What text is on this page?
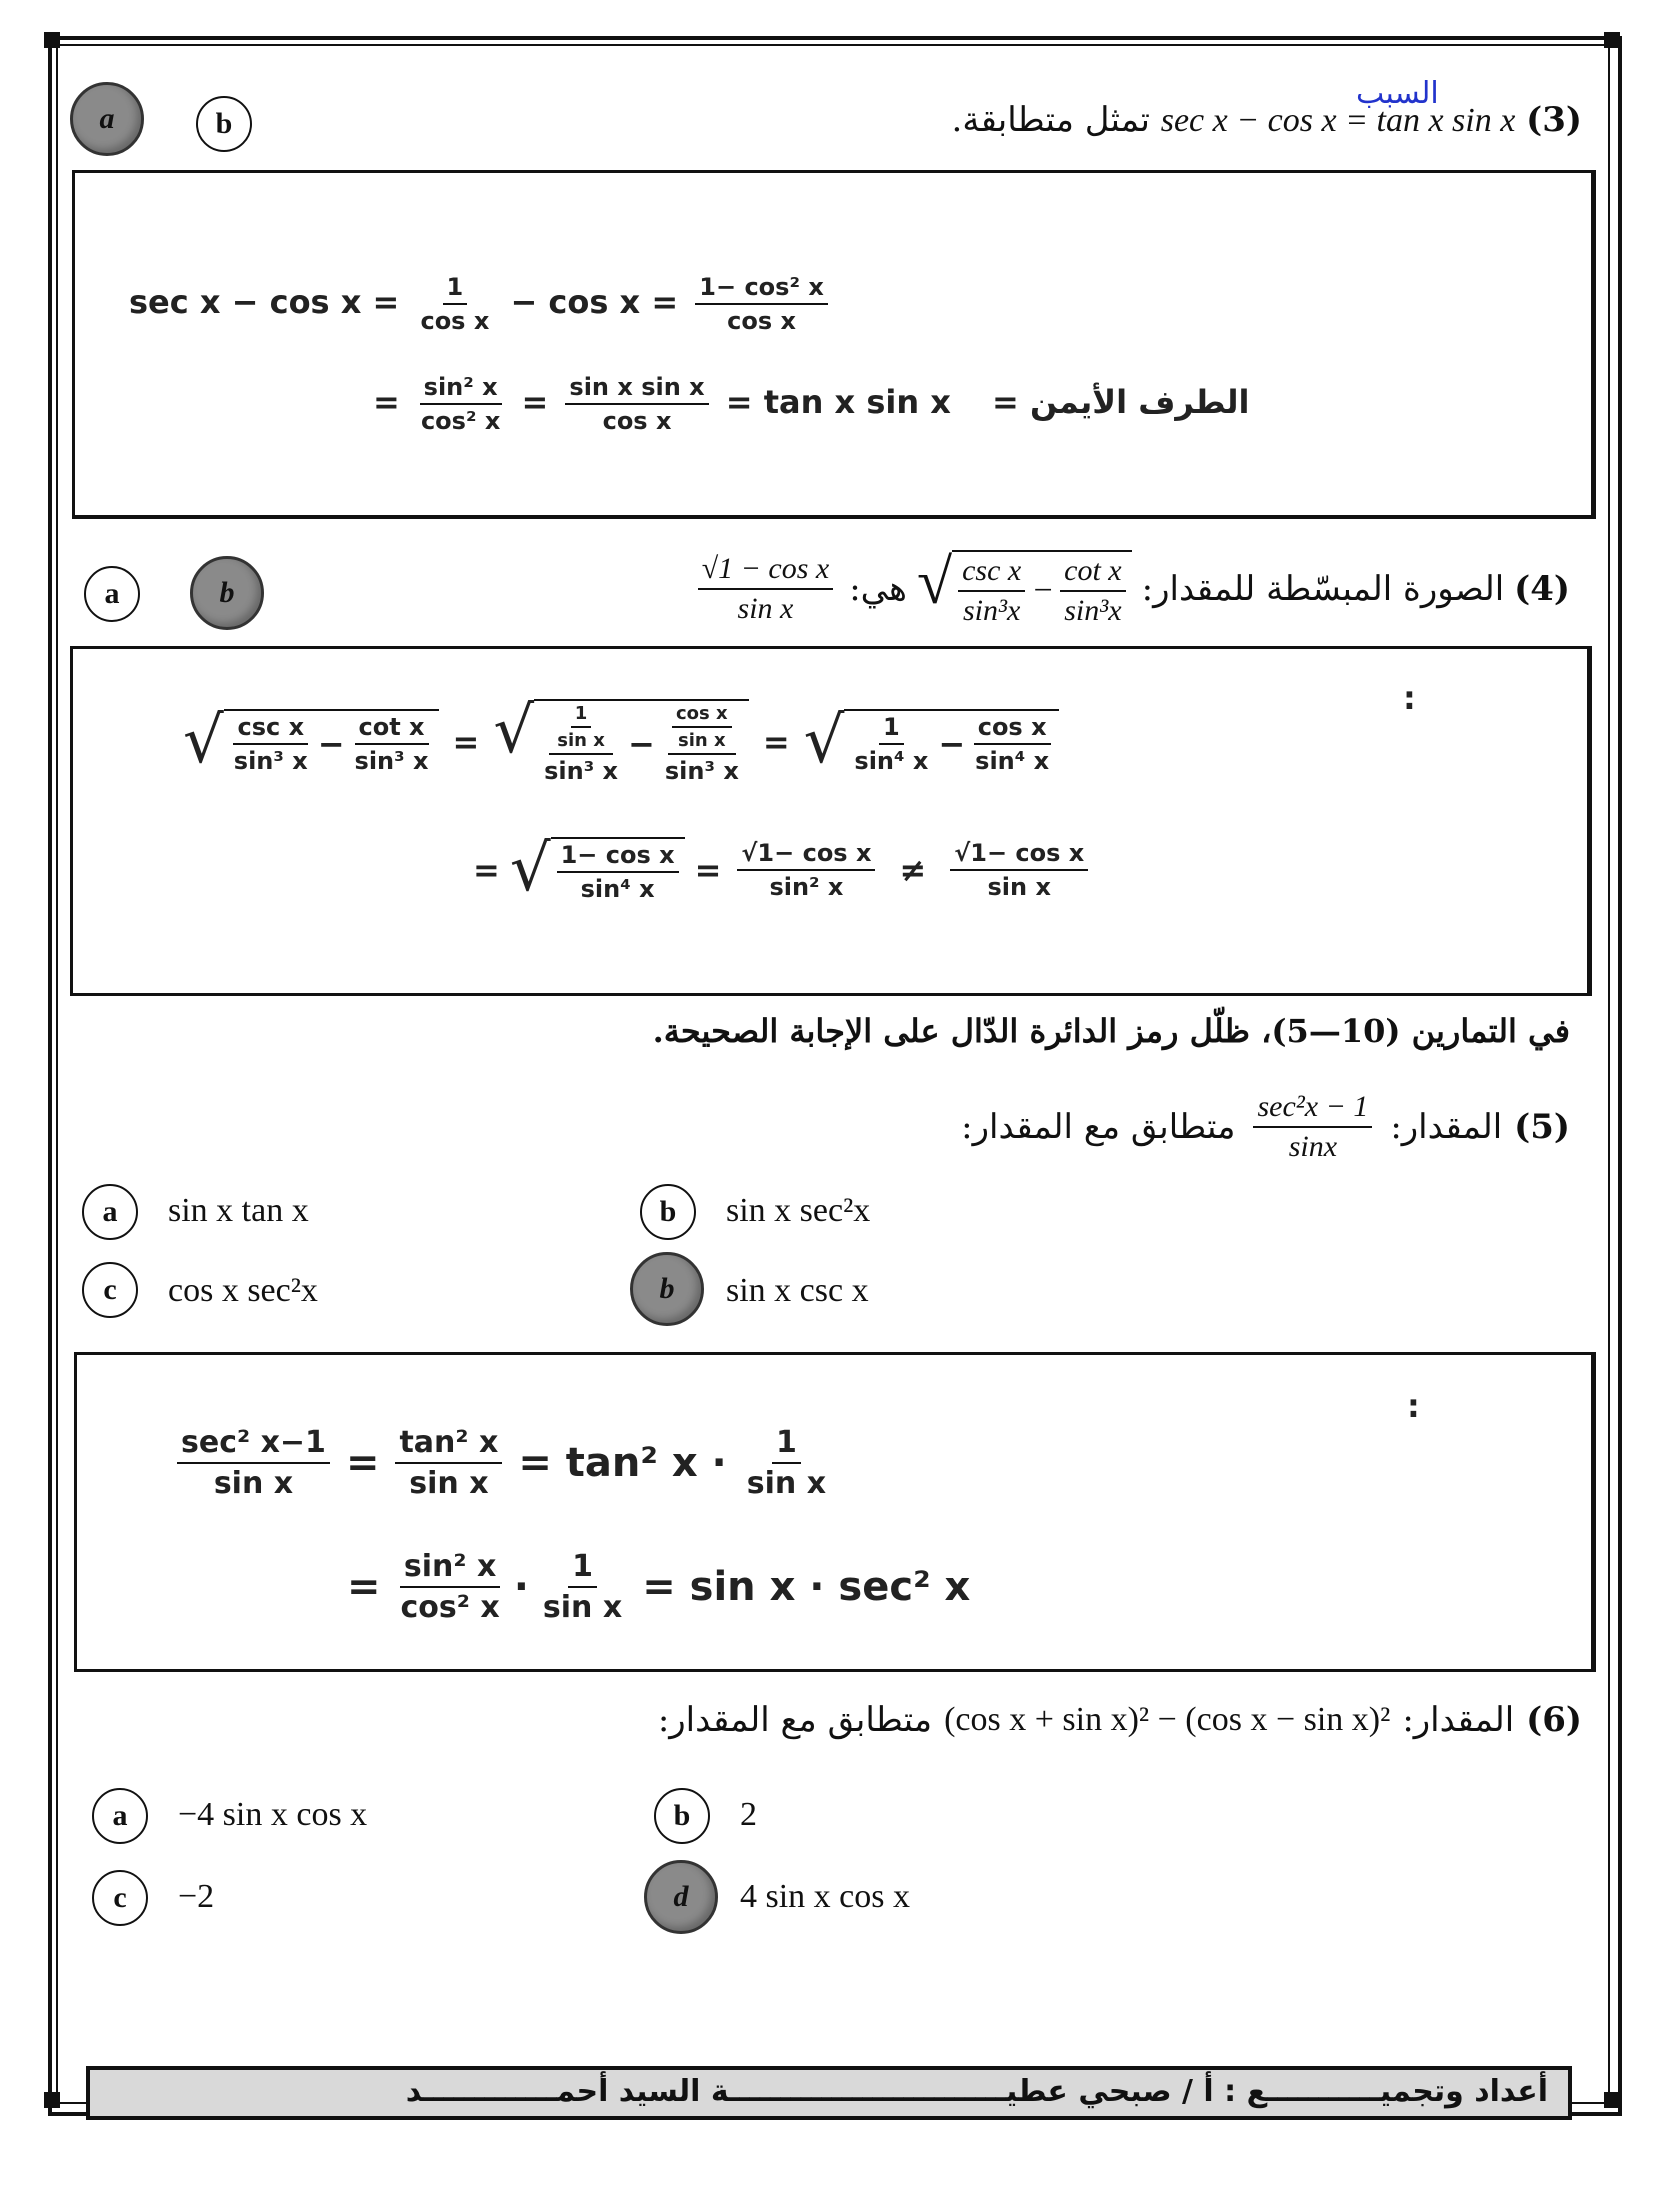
a	b
السبب
(3) sec x − cos x = tan x sin x تمثل متطابقة.
$\sec x - \cos x = \frac{1}{\text{cos x}} - \cos x = \frac{\text{1− cos² x}}{\text{cos x}}$
= $\frac{\text{sin² x}}{\text{cos² x}} = \frac{\text{sin x sin x}}{\text{cos x}} = \tan x$ sin x الطرف الأيمن =
a	b	(4)
الصورة المبسّطة للمقدار:
√ $\frac{\text{csc x}}{\text{sin³x}} - \frac{\text{cot x}}{\text{sin³x}}$
هي:
$\frac{\text{√1 − cos x}}{\text{sin x}}$
:
√ $\frac{\text{csc x}}{\text{sin³ x}} - \frac{\text{cot x}}{\text{sin³ x}}$ = √ $\frac{\frac{1}{\text{sin x}}}{\text{sin³ x}} - \frac{\frac{\text{cos x}}{\text{sin x}}}{\text{sin³ x}}$ = √ $\frac{1}{\text{sin⁴ x}} - \frac{\text{cos x}}{\text{sin⁴ x}}$
= √ $\frac{\text{1− cos x}}{\text{sin⁴ x}} = \frac{\text{√1− cos x}}{\text{sin² x}} \ne \frac{\text{√1− cos x}}{\text{sin x}}$
في التمارين (10—5)، ظلّل رمز الدائرة الدّال على الإجابة الصحيحة.
(5)
المقدار:
$\frac{\text{sec²x − 1}}{\sin x}$
متطابق مع المقدار:
a sin x tan x	b sin x sec²x
c cos x sec²x	b sin x csc x
:
$\frac{\text{sec² x−1}}{\text{sin x}} = \frac{\text{tan² x}}{\text{sin x}} = \tan^2$ $x \cdot \frac{1}{\text{sin x}}$
= $\frac{\text{sin² x}}{\text{cos² x}} \cdot \frac{1}{\text{sin x}} = \sin x \cdot \sec^2$ x
(6)
المقدار:
(cos x + sin x)² − (cos x − sin x)²
متطابق مع المقدار:
a −4 sin x cos x	b 2
c −2	d 4 sin x cos x
أعداد وتجميـــــــــــع : أ / صبحي عطيـــــــــــــــــــــــــــة السيد أحمـــــــــــــد
